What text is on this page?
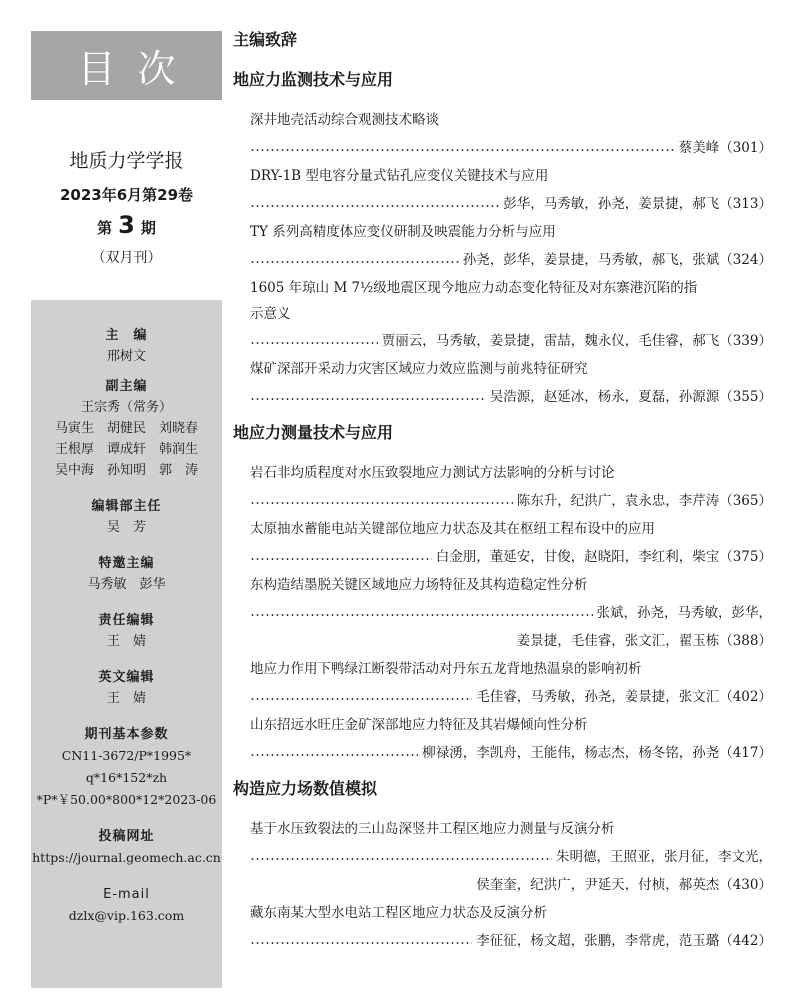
目次
地质力学学报
2023年6月第29卷
第 3 期
（双月刊）
主　编
邢树文
副主编
王宗秀（常务）
马寅生　胡健民　刘晓春
王根厚　谭成轩　韩润生
吴中海　孙知明　郭　涛
编辑部主任
吴　芳
特邀主编
马秀敏　彭华
责任编辑
王　婧
英文编辑
王　婧
期刊基本参数
CN11-3672/P*1995*
q*16*152*zh
*P*￥50.00*800*12*2023-06
投稿网址
https://journal.geomech.ac.cn
E-mail
dzlx@vip.163.com
主编致辞
地应力监测技术与应用
深井地壳活动综合观测技术略谈
蔡美峰（301）
DRY-1B 型电容分量式钻孔应变仪关键技术与应用
彭华，马秀敏，孙尧，姜景捷，郝飞（313）
TY 系列高精度体应变仪研制及映震能力分析与应用
孙尧，彭华，姜景捷，马秀敏，郝飞，张斌（324）
1605 年琼山 M 7½级地震区现今地应力动态变化特征及对东寨港沉陷的指
示意义
贾丽云，马秀敏，姜景捷，雷喆，魏永仪，毛佳睿，郝飞（339）
煤矿深部开采动力灾害区域应力效应监测与前兆特征研究
吴浩源，赵延冰，杨永，夏磊，孙源源（355）
地应力测量技术与应用
岩石非均质程度对水压致裂地应力测试方法影响的分析与讨论
陈东升，纪洪广，袁永忠，李芹涛（365）
太原抽水蓄能电站关键部位地应力状态及其在枢纽工程布设中的应用
白金朋，董延安，甘俊，赵晓阳，李红利，柴宝（375）
东构造结墨脱关键区域地应力场特征及其构造稳定性分析
张斌，孙尧，马秀敏，彭华，
姜景捷，毛佳睿，张文汇，翟玉栋（388）
地应力作用下鸭绿江断裂带活动对丹东五龙背地热温泉的影响初析
毛佳睿，马秀敏，孙尧，姜景捷，张文汇（402）
山东招远水旺庄金矿深部地应力特征及其岩爆倾向性分析
柳禄湧，李凯舟，王能伟，杨志杰，杨冬铭，孙尧（417）
构造应力场数值模拟
基于水压致裂法的三山岛深竖井工程区地应力测量与反演分析
朱明德，王照亚，张月征，李文光，
侯奎奎，纪洪广，尹延天，付桢，郝英杰（430）
藏东南某大型水电站工程区地应力状态及反演分析
李征征，杨文超，张鹏，李常虎，范玉璐（442）
